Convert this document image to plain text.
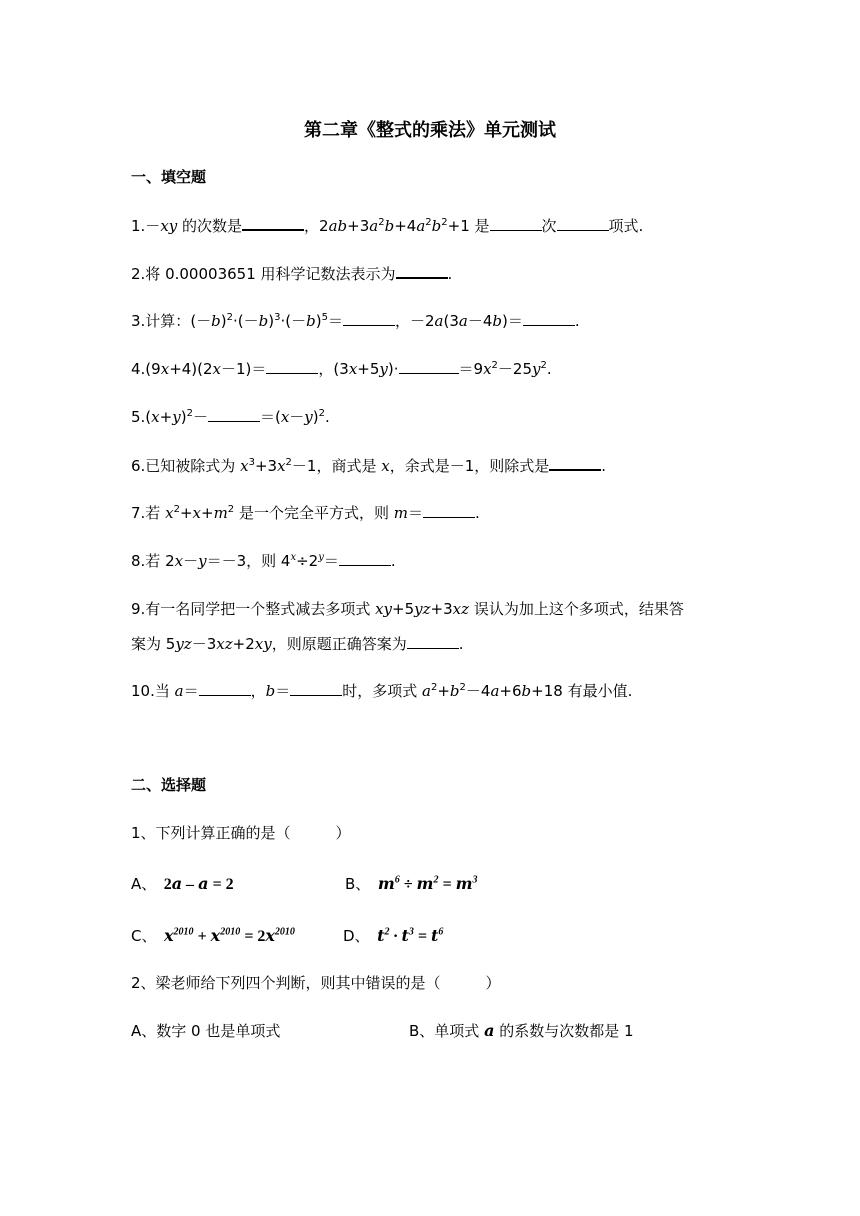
第二章《整式的乘法》单元测试
一、填空题
1.－xy 的次数是	，$2ab+3a^2b+4a^2b^2+1$ 是	次	项式.
2.将 0.00003651 用科学记数法表示为	.
3.计算：$(-b)^2\cdot(-b)^3\cdot(-b)^5=$	，－2a(3a－4b)＝	.
4.(9x+4)(2x－1)＝	，(3x+5y)·	$=9x^2-25y^2$.
$5.(x+y)^2-$	$=(x-y)^2$.
6.已知被除式为 $x^3+3x^2-1$，商式是 x，余式是－1，则除式是	.
7.若 $x^2+x+m^2$ 是一个完全平方式，则 m＝	.
8.若 2x－y＝－3，则 $4^x\div 2^y=$	.
9.有一名同学把一个整式减去多项式 xy+5yz+3xz 误认为加上这个多项式，结果答
案为 5yz－3xz+2xy，则原题正确答案为	.
10.当 a＝	，b＝	时，多项式 $a^2+b^2-4a+6b+18$ 有最小值.
二、选择题
1、下列计算正确的是（　　　）
A、　 2a – a = 2	B、　 $m^6 \div m^2 = m^3$
C、　 $x^{2010} + x^{2010} = 2x^{2010}$	D、　 $t^2 \cdot t^3 = t^6$
2、梁老师给下列四个判断，则其中错误的是（　　　）
A、数字 0 也是单项式	B、单项式 a 的系数与次数都是 1
